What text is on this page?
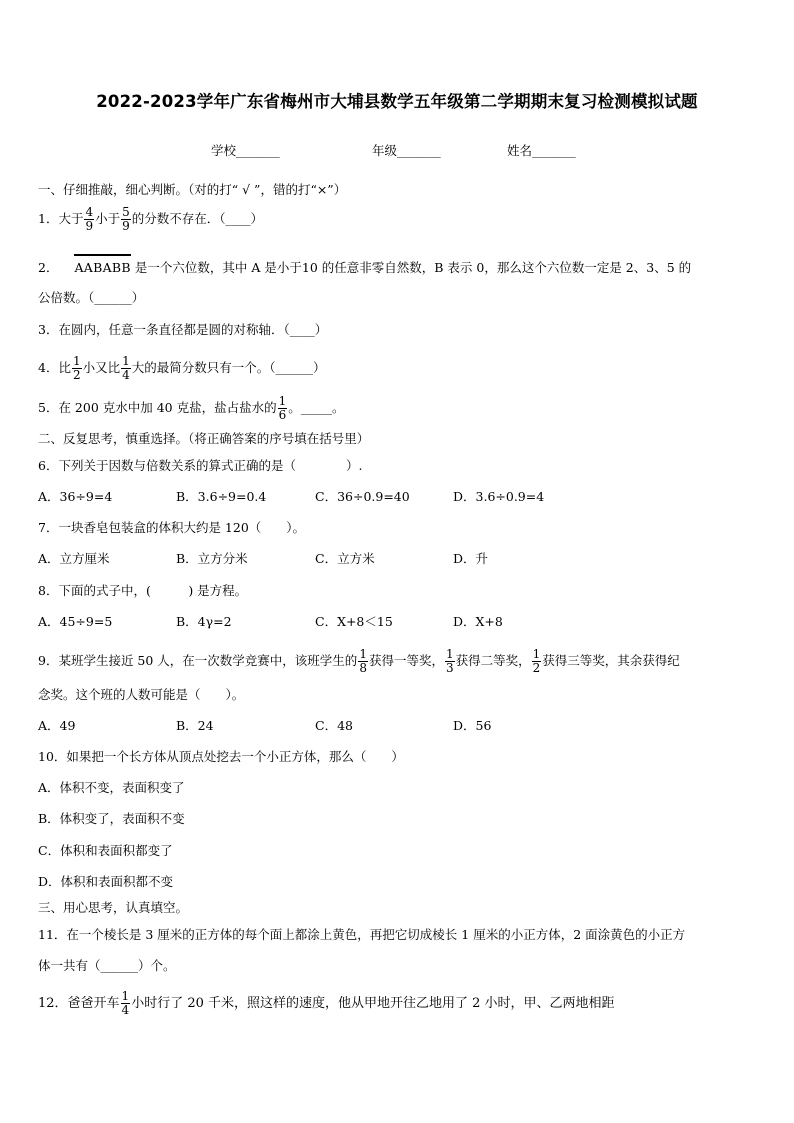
2022-2023学年广东省梅州市大埔县数学五年级第二学期期末复习检测模拟试题
学校_______	年级_______	姓名_______
一、仔细推敲，细心判断。（对的打“ √ ”，错的打“×”）
1．大于 $\frac{4}{9}$ 小于 $\frac{5}{9}$ 的分数不存在．（____）
2． AABABB 是一个六位数，其中 A 是小于10 的任意非零自然数，B 表示 0，那么这个六位数一定是 2、3、5 的
公倍数。（______）
3．在圆内，任意一条直径都是圆的对称轴．（____）
4．比 $\frac{1}{2}$ 小又比 $\frac{1}{4}$ 大的最简分数只有一个。（______）
5．在 200 克水中加 40 克盐，盐占盐水的 $\frac{1}{6}$ 。_____。
二、反复思考，慎重选择。（将正确答案的序号填在括号里）
6．下列关于因数与倍数关系的算式正确的是（　　　　）.
A．36÷9=4	B．3.6÷9=0.4	C．36÷0.9=40	D．3.6÷0.9=4
7．一块香皂包装盒的体积大约是 120（　　）。
A．立方厘米	B．立方分米	C．立方米	D．升
8．下面的式子中，(　　　) 是方程。
A．45÷9=5	B．4γ=2	C．X+8＜15	D．X+8
9．某班学生接近 50 人，在一次数学竞赛中，该班学生的 $\frac{1}{8}$ 获得一等奖， $\frac{1}{3}$ 获得二等奖， $\frac{1}{2}$ 获得三等奖，其余获得纪
念奖。这个班的人数可能是（　　）。
A．49	B．24	C．48	D．56
10．如果把一个长方体从顶点处挖去一个小正方体，那么（　　）
A．体积不变，表面积变了
B．体积变了，表面积不变
C．体积和表面积都变了
D．体积和表面积都不变
三、用心思考，认真填空。
11．在一个棱长是 3 厘米的正方体的每个面上都涂上黄色，再把它切成棱长 1 厘米的小正方体，2 面涂黄色的小正方
体一共有（______）个。
12．爸爸开车 $\frac{1}{4}$ 小时行了 20 千米，照这样的速度，他从甲地开往乙地用了 2 小时，甲、乙两地相距
